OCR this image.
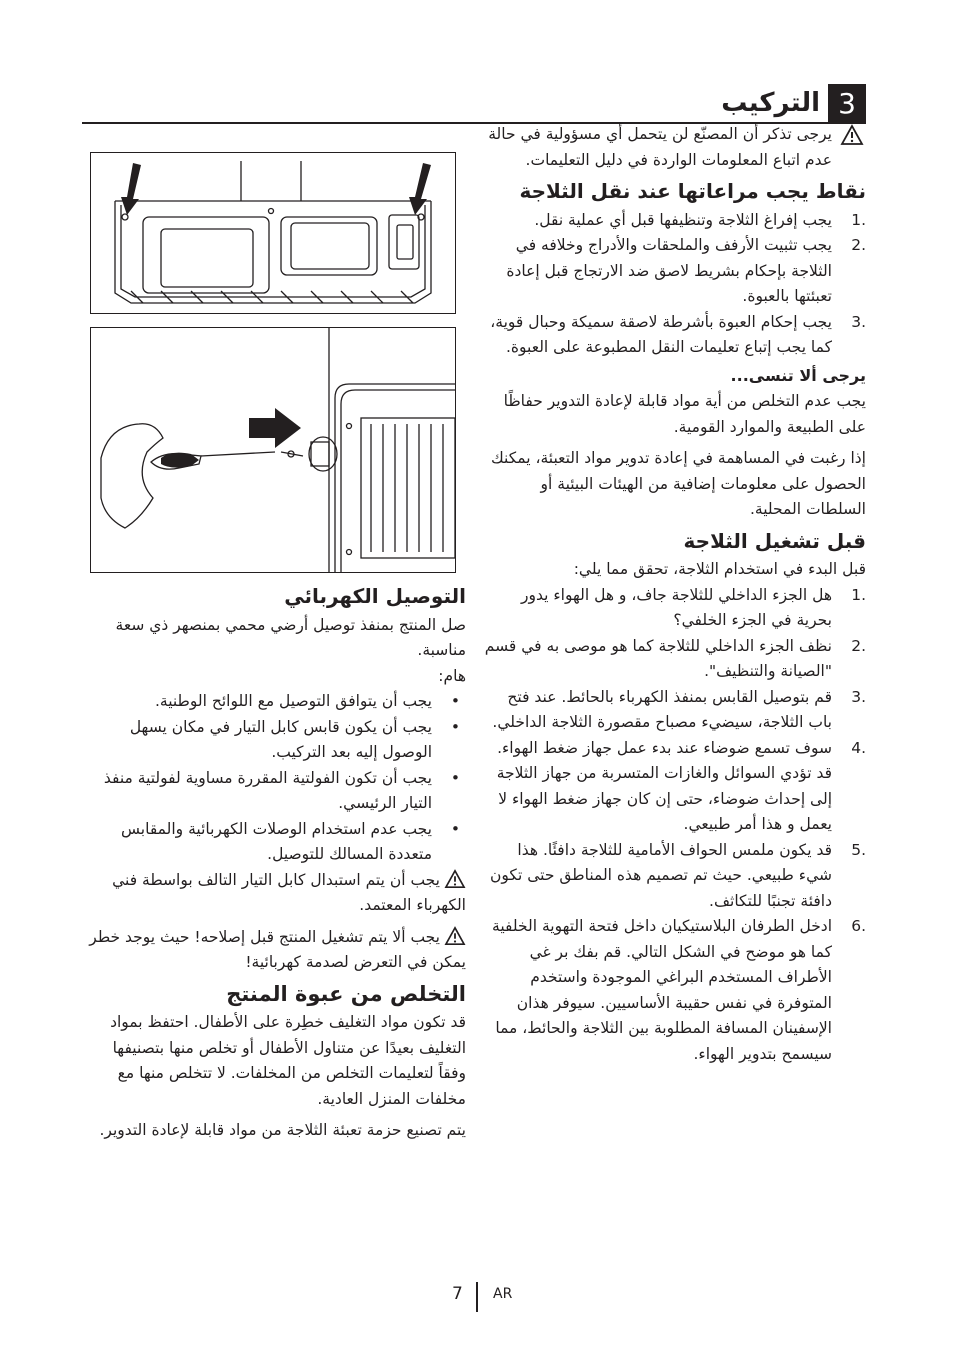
التركيب 3

يرجى تذكر أن المصنّع لن يتحمل أي مسؤولية في حالة عدم اتباع المعلومات الواردة في دليل التعليمات.

نقاط يجب مراعاتها عند نقل الثلاجة
1.
يجب إفراغ الثلاجة وتنظيفها قبل أي عملية نقل.
2.
يجب تثبيت الأرفف والملحقات والأدراج وخلافه في الثلاجة بإحكام بشريط لاصق ضد الارتجاج قبل إعادة تعبئتها بالعبوة.
3.
يجب إحكام العبوة بأشرطة لاصقة سميكة وحبال قوية، كما يجب إتباع تعليمات النقل المطبوعة على العبوة.
يرجى ألا تنسى...

يجب عدم التخلص من أية مواد قابلة لإعادة التدوير حفاظًا على الطبيعة والموارد القومية.

إذا رغبت في المساهمة في إعادة تدوير مواد التعبئة، يمكنك الحصول على معلومات إضافية من الهيئات البيئية أو السلطات المحلية.

قبل تشغيل الثلاجة

قبل البدء في استخدام الثلاجة، تحقق مما يلي:

1.
هل الجزء الداخلي للثلاجة جاف، و هل الهواء يدور بحرية في الجزء الخلفي؟
2.
نظف الجزء الداخلي للثلاجة كما هو موصى به في قسم "الصيانة والتنظيف".
3.
قم بتوصيل القابس بمنفذ الكهرباء بالحائط. عند فتح باب الثلاجة، سيضيء مصباح مقصورة الثلاجة الداخلي.
4.
سوف تسمع ضوضاء عند بدء عمل جهاز ضغط الهواء. قد تؤدي السوائل والغازات المتسربة من جهاز الثلاجة إلى إحداث ضوضاء، حتى إن كان جهاز ضغط الهواء لا يعمل و هذا أمر طبيعي.
5.
قد يكون ملمس الحواف الأمامية للثلاجة دافئًا. هذا شيء طبيعي. حيث تم تصميم هذه المناطق حتى تكون دافئة تجنبًا للتكاثف.
6.
ادخل الطرفان البلاستيكيان داخل فتحة التهوية الخلفية كما هو موضح في الشكل التالي. قم بفك بر غي الأطراف المستخدم البراغي الموجودة واستخدم المتوفرة في نفس حقيبة الأساسيين. سيوفر هذان الإسفينان المسافة المطلوبة بين الثلاجة والحائط، مما سيسمح بتدوير الهواء.
التوصيل الكهربائي

صل المنتج بمنفذ توصيل أرضي محمي بمنصهر ذي سعة مناسبة.

هام:

•
يجب أن يتوافق التوصيل مع اللوائح الوطنية.
•
يجب أن يكون قابس كابل التيار في مكان يسهل الوصول إليه بعد التركيب.
•
يجب أن تكون الفولتية المقررة مساوية لفولتية منفذ التيار الرئيسي.
•
يجب عدم استخدام الوصلات الكهربائية والمقابس متعددة المسالك للتوصيل.

يجب أن يتم استبدال كابل التيار التالف بواسطة فني الكهرباء المعتمد.

يجب ألا يتم تشغيل المنتج قبل إصلاحه! حيث يوجد خطر يمكن في التعرض لصدمة كهربائية!

التخلص من عبوة المنتج

قد تكون مواد التغليف خطِرة على الأطفال. احتفظ بمواد التغليف بعيدًا عن متناول الأطفال أو تخلص منها بتصنيفها وفقاً لتعليمات التخلص من المخلفات. لا تتخلص منها مع مخلفات المنزل العادية.

يتم تصنيع حزمة تعبئة الثلاجة من مواد قابلة لإعادة التدوير.

7 AR
